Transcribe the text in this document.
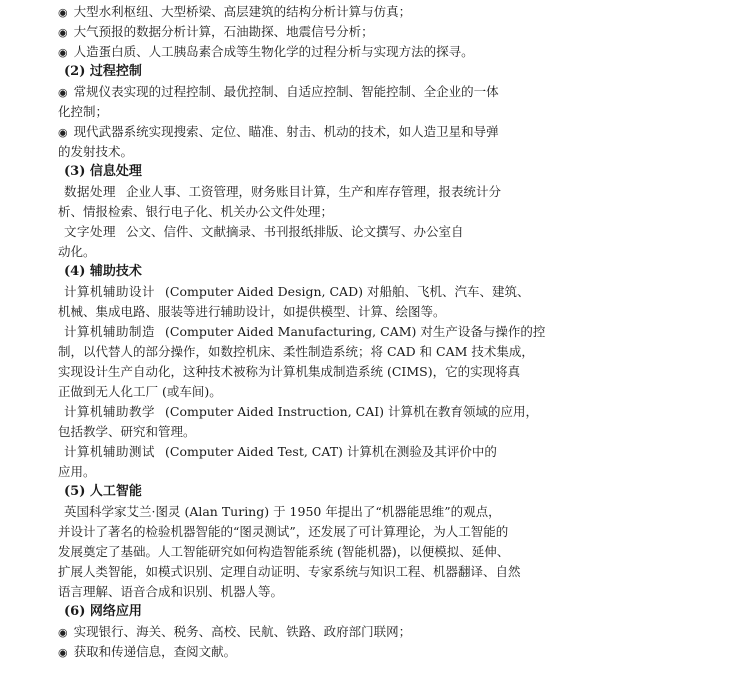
◉ 大型水利枢纽、大型桥梁、高层建筑的结构分析计算与仿真；
◉ 大气预报的数据分析计算，石油勘探、地震信号分析；
◉ 人造蛋白质、人工胰岛素合成等生物化学的过程分析与实现方法的探寻。
(2) 过程控制
◉ 常规仪表实现的过程控制、最优控制、自适应控制、智能控制、全企业的一体
化控制；
◉ 现代武器系统实现搜索、定位、瞄准、射击、机动的技术，如人造卫星和导弹
的发射技术。
(3) 信息处理
数据处理 企业人事、工资管理，财务账目计算，生产和库存管理，报表统计分
析、情报检索、银行电子化、机关办公文件处理；
文字处理 公文、信件、文献摘录、书刊报纸排版、论文撰写、办公室自
动化。
(4) 辅助技术
计算机辅助设计 (Computer Aided Design, CAD) 对船舶、飞机、汽车、建筑、
机械、集成电路、服装等进行辅助设计，如提供模型、计算、绘图等。
计算机辅助制造 (Computer Aided Manufacturing, CAM) 对生产设备与操作的控
制，以代替人的部分操作，如数控机床、柔性制造系统；将 CAD 和 CAM 技术集成，
实现设计生产自动化，这种技术被称为计算机集成制造系统 (CIMS)，它的实现将真
正做到无人化工厂 (或车间)。
计算机辅助教学 (Computer Aided Instruction, CAI) 计算机在教育领域的应用，
包括教学、研究和管理。
计算机辅助测试 (Computer Aided Test, CAT) 计算机在测验及其评价中的
应用。
(5) 人工智能
英国科学家艾兰·图灵 (Alan Turing) 于 1950 年提出了“机器能思维”的观点，
并设计了著名的检验机器智能的“图灵测试”，还发展了可计算理论，为人工智能的
发展奠定了基础。人工智能研究如何构造智能系统 (智能机器)，以便模拟、延伸、
扩展人类智能，如模式识别、定理自动证明、专家系统与知识工程、机器翻译、自然
语言理解、语音合成和识别、机器人等。
(6) 网络应用
◉ 实现银行、海关、税务、高校、民航、铁路、政府部门联网；
◉ 获取和传递信息，查阅文献。
